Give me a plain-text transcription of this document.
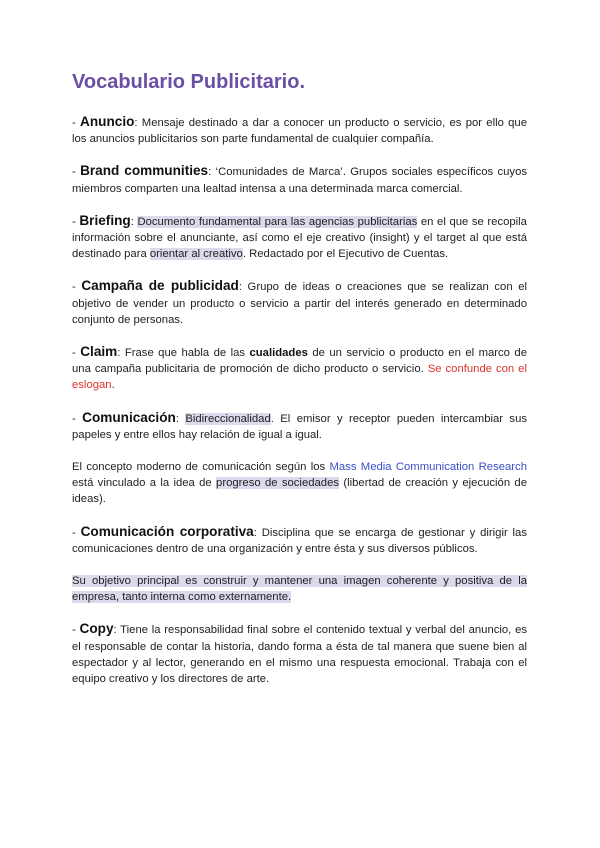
Vocabulario Publicitario.

- Anuncio: Mensaje destinado a dar a conocer un producto o servicio, es por ello que los anuncios publicitarios son parte fundamental de cualquier compañía.

- Brand communities: ‘Comunidades de Marca’. Grupos sociales específicos cuyos miembros comparten una lealtad intensa a una determinada marca comercial.

- Briefing: Documento fundamental para las agencias publicitarias en el que se recopila información sobre el anunciante, así como el eje creativo (insight) y el target al que está destinado para orientar al creativo. Redactado por el Ejecutivo de Cuentas.

- Campaña de publicidad: Grupo de ideas o creaciones que se realizan con el objetivo de vender un producto o servicio a partir del interés generado en determinado conjunto de personas.

- Claim: Frase que habla de las cualidades de un servicio o producto en el marco de una campaña publicitaria de promoción de dicho producto o servicio. Se confunde con el eslogan.

- Comunicación: Bidireccionalidad. El emisor y receptor pueden intercambiar sus papeles y entre ellos hay relación de igual a igual.

El concepto moderno de comunicación según los Mass Media Communication Research está vinculado a la idea de progreso de sociedades (libertad de creación y ejecución de ideas).

- Comunicación corporativa: Disciplina que se encarga de gestionar y dirigir las comunicaciones dentro de una organización y entre ésta y sus diversos públicos.

Su objetivo principal es construir y mantener una imagen coherente y positiva de la empresa, tanto interna como externamente.

- Copy: Tiene la responsabilidad final sobre el contenido textual y verbal del anuncio, es el responsable de contar la historia, dando forma a ésta de tal manera que suene bien al espectador y al lector, generando en el mismo una respuesta emocional. Trabaja con el equipo creativo y los directores de arte.
